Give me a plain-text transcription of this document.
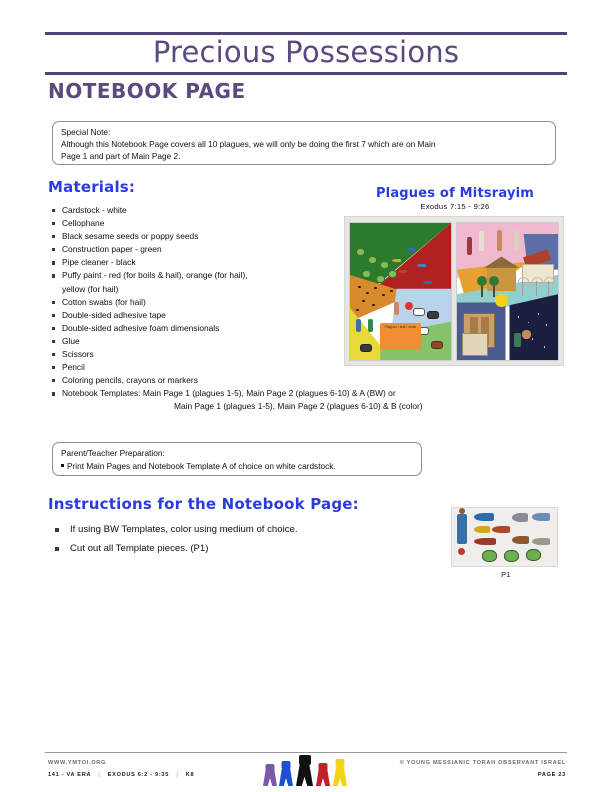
Precious Possessions
NOTEBOOK PAGE
Special Note:
Although this Notebook Page covers all 10 plagues, we will only be doing the first 7 which are on Main
Page 1 and part of Main Page 2.
Materials:
Cardstock - white
Cellophane
Black sesame seeds or poppy seeds
Construction paper - green
Pipe cleaner - black
Puffy paint - red (for boils & hail), orange (for hail),
yellow (for hail)
Cotton swabs (for hail)
Double-sided adhesive tape
Double-sided adhesive foam dimensionals
Glue
Scissors
Pencil
Coloring pencils, crayons or markers
Notebook Templates: Main Page 1 (plagues 1-5), Main Page 2 (plagues 6-10) & A (BW) or
Main Page 1 (plagues 1-5), Main Page 2 (plagues 6-10) & B (color)
Plagues of Mitsrayim
Exodus 7:15 - 9:26
Plagues / text / verse
Parent/Teacher Preparation:
Print Main Pages and Notebook Template A of choice on white cardstock.
Instructions for the Notebook Page:
If using BW Templates, color using medium of choice.
Cut out all Template pieces. (P1)
P1
WWW.YMTOI.ORG
141 - VA ERA | EXODUS 6:2 - 9:35 | K8
© YOUNG MESSIANIC TORAH OBSERVANT ISRAEL
PAGE 23
